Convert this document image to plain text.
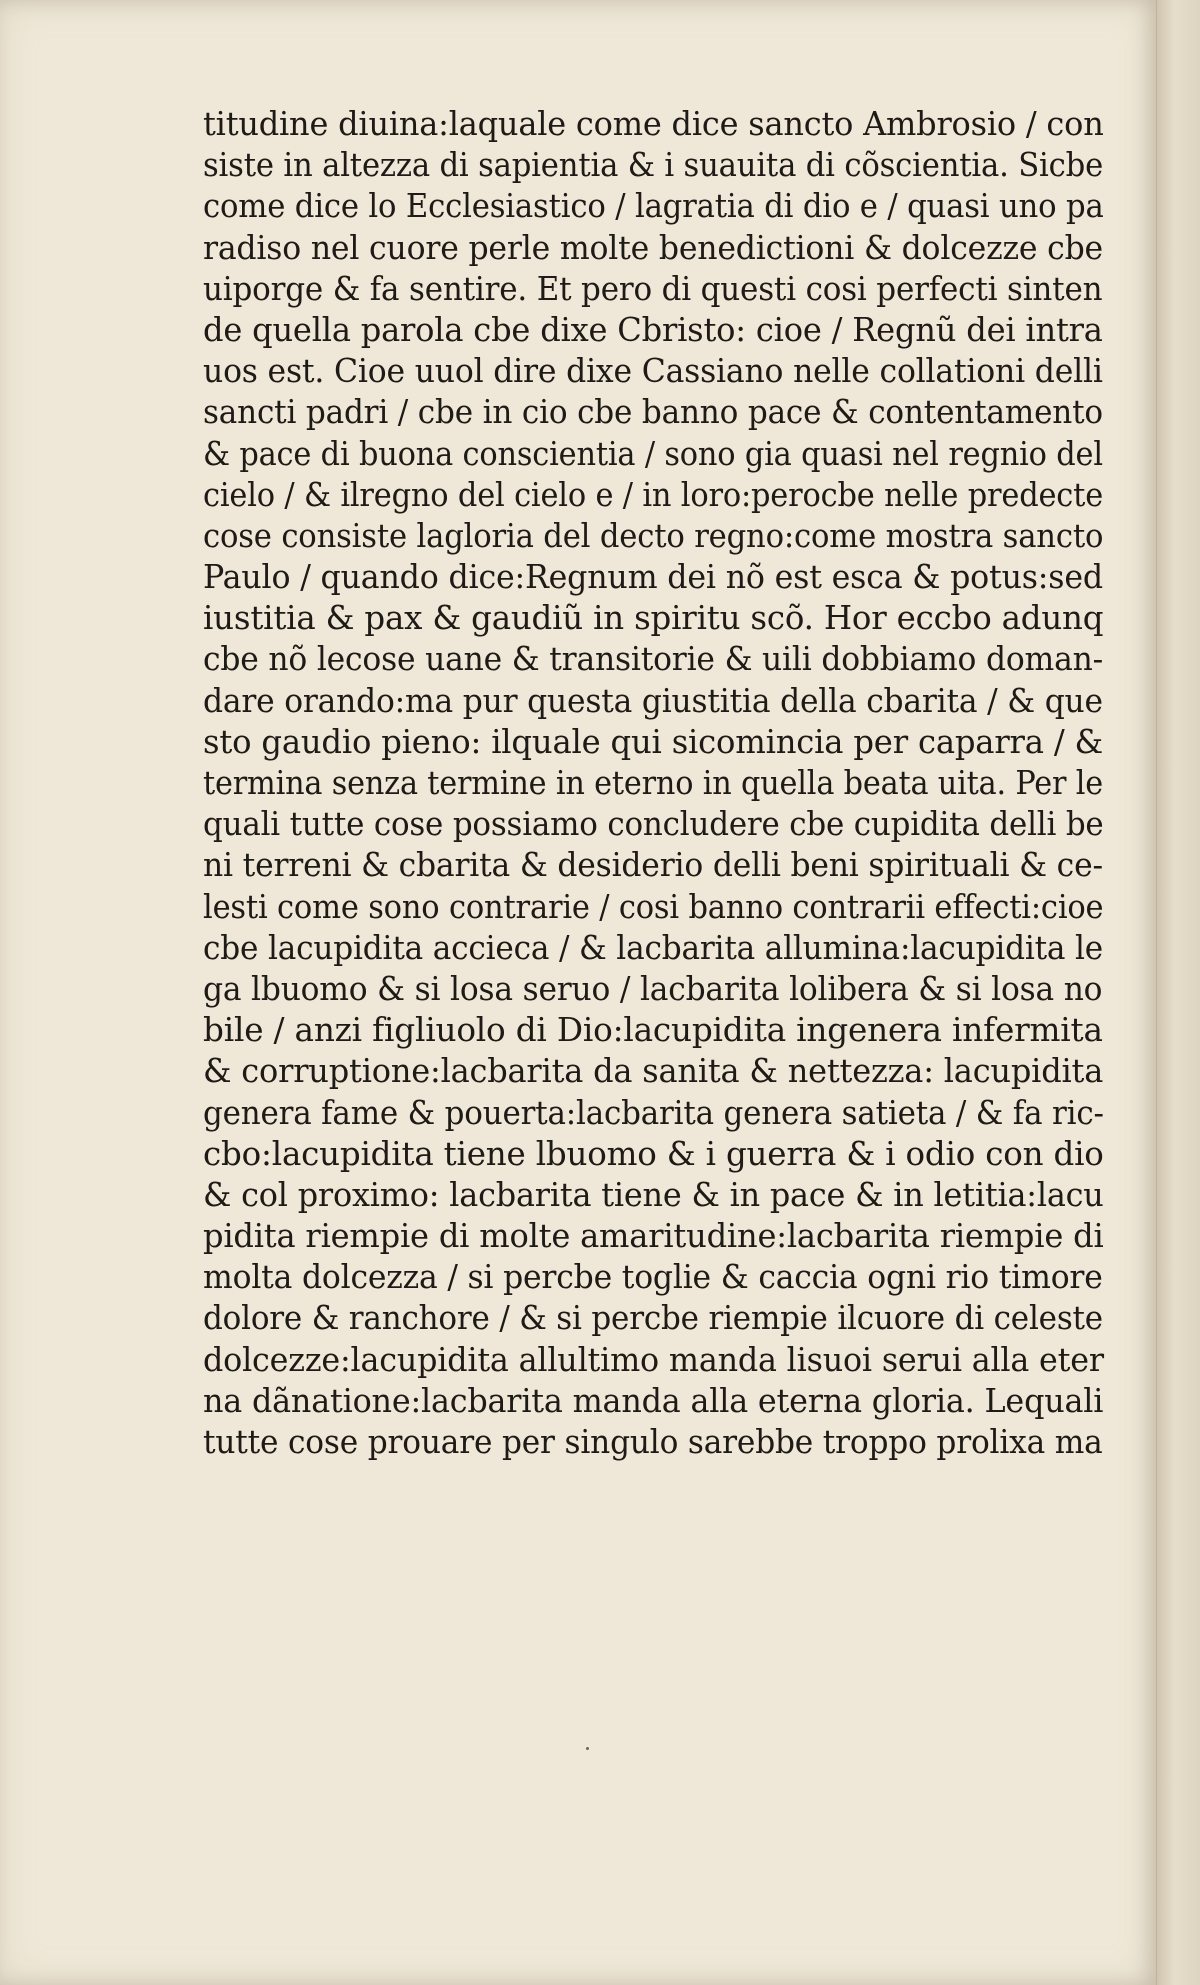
titudine diuina:laquale come dice sancto Ambrosio / con
siste in altezza di sapientia & i suauita di cõscientia. Sicbe
come dice lo Ecclesiastico / lagratia di dio e / quasi uno pa
radiso nel cuore perle molte benedictioni & dolcezze cbe
uiporge & fa sentire. Et pero di questi cosi perfecti sinten
de quella parola cbe dixe Cbristo: cioe / Regnũ dei intra
uos est. Cioe uuol dire dixe Cassiano nelle collationi delli
sancti padri / cbe in cio cbe banno pace & contentamento
& pace di buona conscientia / sono gia quasi nel regnio del
cielo / & ilregno del cielo e / in loro:perocbe nelle predecte
cose consiste lagloria del decto regno:come mostra sancto
Paulo / quando dice:Regnum dei nõ est esca & potus:sed
iustitia & pax & gaudiũ in spiritu scõ. Hor eccbo adunq
cbe nõ lecose uane & transitorie & uili dobbiamo doman-
dare orando:ma pur questa giustitia della cbarita / & que
sto gaudio pieno: ilquale qui sicomincia per caparra / &
termina senza termine in eterno in quella beata uita. Per le
quali tutte cose possiamo concludere cbe cupidita delli be
ni terreni & cbarita & desiderio delli beni spirituali & ce-
lesti come sono contrarie / cosi banno contrarii effecti:cioe
cbe lacupidita accieca / & lacbarita allumina:lacupidita le
ga lbuomo & si losa seruo / lacbarita lolibera & si losa no
bile / anzi figliuolo di Dio:lacupidita ingenera infermita
& corruptione:lacbarita da sanita & nettezza: lacupidita
genera fame & pouerta:lacbarita genera satieta / & fa ric-
cbo:lacupidita tiene lbuomo & i guerra & i odio con dio
& col proximo: lacbarita tiene & in pace & in letitia:lacu
pidita riempie di molte amaritudine:lacbarita riempie di
molta dolcezza / si percbe toglie & caccia ogni rio timore
dolore & ranchore / & si percbe riempie ilcuore di celeste
dolcezze:lacupidita allultimo manda lisuoi serui alla eter
na dãnatione:lacbarita manda alla eterna gloria. Lequali
tutte cose prouare per singulo sarebbe troppo prolixa ma
